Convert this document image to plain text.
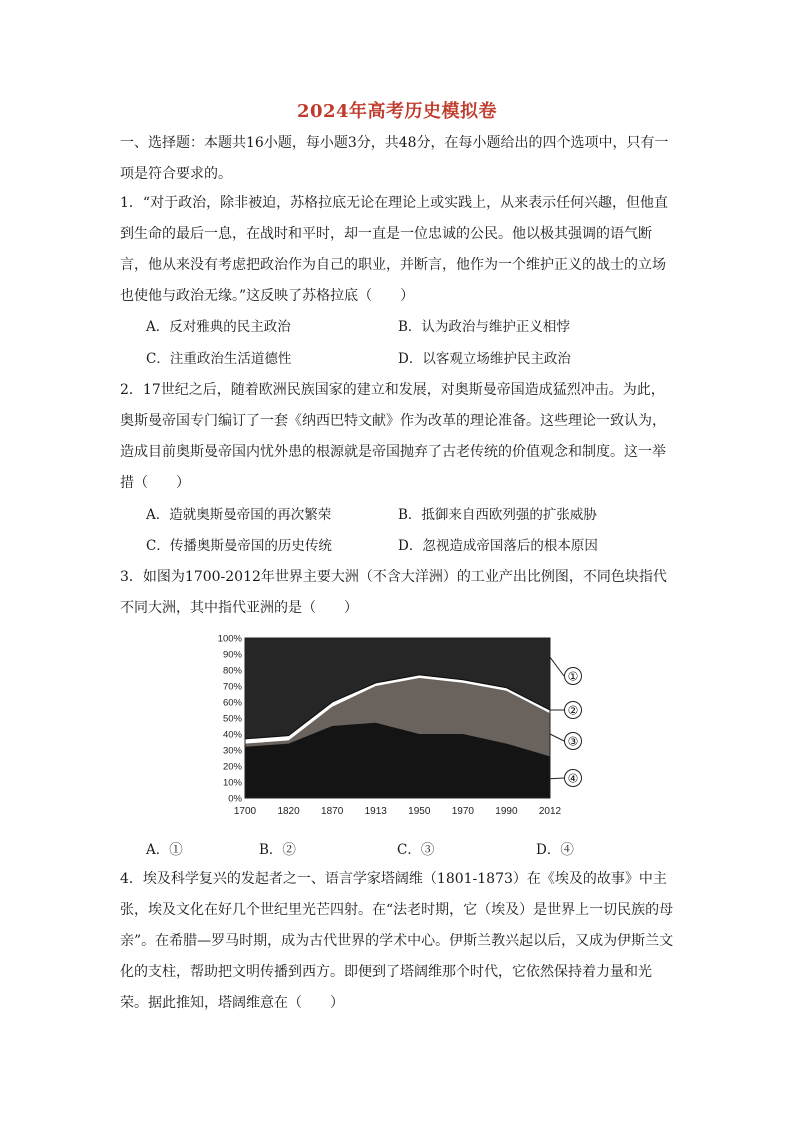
2024年高考历史模拟卷
一、选择题：本题共16小题，每小题3分，共48分，在每小题给出的四个选项中，只有一项是符合要求的。
1．“对于政治，除非被迫，苏格拉底无论在理论上或实践上，从来表示任何兴趣，但他直到生命的最后一息，在战时和平时，却一直是一位忠诚的公民。他以极其强调的语气断言，他从来没有考虑把政治作为自己的职业，并断言，他作为一个维护正义的战士的立场也使他与政治无缘。”这反映了苏格拉底（　　）
A．反对雅典的民主政治	B．认为政治与维护正义相悖
C．注重政治生活道德性	D．以客观立场维护民主政治
2．17世纪之后，随着欧洲民族国家的建立和发展，对奥斯曼帝国造成猛烈冲击。为此，奥斯曼帝国专门编订了一套《纳西巴特文献》作为改革的理论准备。这些理论一致认为，造成目前奥斯曼帝国内忧外患的根源就是帝国抛弃了古老传统的价值观念和制度。这一举措（　　）
A．造就奥斯曼帝国的再次繁荣	B．抵御来自西欧列强的扩张威胁
C．传播奥斯曼帝国的历史传统	D．忽视造成帝国落后的根本原因
3．如图为1700-2012年世界主要大洲（不含大洋洲）的工业产出比例图，不同色块指代不同大洲，其中指代亚洲的是（　　）
0%
10%
20%
30%
40%
50%
60%
70%
80%
90%
100%
1700 1820 1870 1913 1950 1970 1990 2012
①
②
③
④
A．①	B．②	C．③	D．④
4．埃及科学复兴的发起者之一、语言学家塔阔维（1801-1873）在《埃及的故事》中主张，埃及文化在好几个世纪里光芒四射。在“法老时期，它（埃及）是世界上一切民族的母亲”。在希腊—罗马时期，成为古代世界的学术中心。伊斯兰教兴起以后，又成为伊斯兰文化的支柱，帮助把文明传播到西方。即便到了塔阔维那个时代，它依然保持着力量和光荣。据此推知，塔阔维意在（　　）
